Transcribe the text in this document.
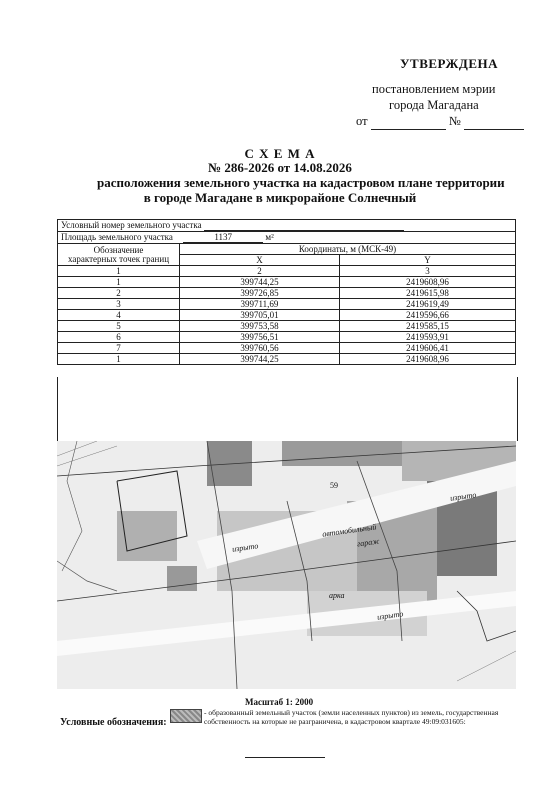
УТВЕРЖДЕНА
постановлением мэрии
города Магадана
от	№
С Х Е М А
№ 286-2026 от 14.08.2026
расположения земельного участка на кадастровом плане территории
в городе Магадане в микрорайоне Солнечный
Условный номер земельного участка		
Площадь земельного участка 1137 м²		

Обозначение
характерных точек границ	Координаты, м (МСК-49)	
	X	Y
1	2	3
1	399744,25	2419608,96
2	399726,85	2419615,98
3	399711,69	2419619,49
4	399705,01	2419596,66
5	399753,58	2419585,15
6	399756,51	2419593,91
7	399760,56	2419606,41
1	399744,25	2419608,96
автомобильный
гараж
изрыто
изрыто
изрыто
арка
59
Масштаб 1: 2000
Условные обозначения:
- образованный земельный участок (земли населенных пунктов) из земель, государственная
собственность на которые не разграничена, в кадастровом квартале 49:09:031605:
